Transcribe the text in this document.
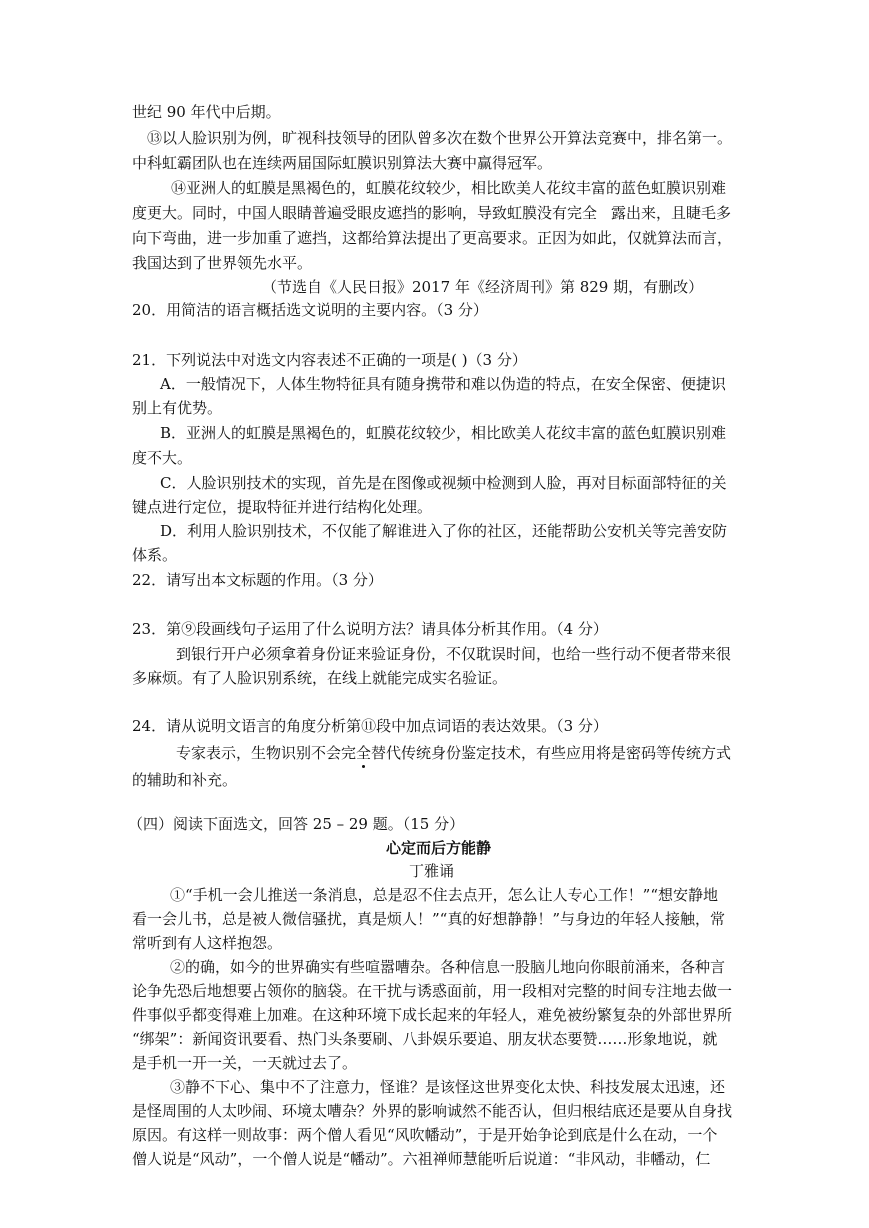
世纪 90 年代中后期。
⑬以人脸识别为例，旷视科技领导的团队曾多次在数个世界公开算法竞赛中，排名第一。
中科虹霸团队也在连续两届国际虹膜识别算法大赛中赢得冠军。
⑭亚洲人的虹膜是黑褐色的，虹膜花纹较少，相比欧美人花纹丰富的蓝色虹膜识别难
度更大。同时，中国人眼睛普遍受眼皮遮挡的影响，导致虹膜没有完全 露出来，且睫毛多
向下弯曲，进一步加重了遮挡，这都给算法提出了更高要求。正因为如此，仅就算法而言，
我国达到了世界领先水平。
（节选自《人民日报》2017 年《经济周刊》第 829 期，有删改）
20．用简洁的语言概括选文说明的主要内容。（3 分）
21．下列说法中对选文内容表述不正确的一项是( )（3 分）
A．一般情况下，人体生物特征具有随身携带和难以伪造的特点，在安全保密、便捷识
别上有优势。
B．亚洲人的虹膜是黑褐色的，虹膜花纹较少，相比欧美人花纹丰富的蓝色虹膜识别难
度不大。
C．人脸识别技术的实现，首先是在图像或视频中检测到人脸，再对目标面部特征的关
键点进行定位，提取特征并进行结构化处理。
D．利用人脸识别技术，不仅能了解谁进入了你的社区，还能帮助公安机关等完善安防
体系。
22．请写出本文标题的作用。（3 分）
23．第⑨段画线句子运用了什么说明方法？请具体分析其作用。（4 分）
到银行开户必须拿着身份证来验证身份，不仅耽误时间，也给一些行动不便者带来很
多麻烦。有了人脸识别系统，在线上就能完成实名验证。
24．请从说明文语言的角度分析第⑪段中加点词语的表达效果。（3 分）
专家表示，生物识别不会完全替代传统身份鉴定技术，有些应用将是密码等传统方式
的辅助和补充。
（四）阅读下面选文，回答 25 – 29 题。（15 分）
心定而后方能静
丁雅诵
①“手机一会儿推送一条消息，总是忍不住去点开，怎么让人专心工作！”“想安静地
看一会儿书，总是被人微信骚扰，真是烦人！”“真的好想静静！”与身边的年轻人接触，常
常听到有人这样抱怨。
②的确，如今的世界确实有些喧嚣嘈杂。各种信息一股脑儿地向你眼前涌来，各种言
论争先恐后地想要占领你的脑袋。在干扰与诱惑面前，用一段相对完整的时间专注地去做一
件事似乎都变得难上加难。在这种环境下成长起来的年轻人，难免被纷繁复杂的外部世界所
“绑架”：新闻资讯要看、热门头条要刷、八卦娱乐要追、朋友状态要赞……形象地说，就
是手机一开一关，一天就过去了。
③静不下心、集中不了注意力，怪谁？是该怪这世界变化太快、科技发展太迅速，还
是怪周围的人太吵闹、环境太嘈杂？外界的影响诚然不能否认，但归根结底还是要从自身找
原因。有这样一则故事：两个僧人看见“风吹幡动”，于是开始争论到底是什么在动，一个
僧人说是“风动”，一个僧人说是“幡动”。六祖禅师慧能听后说道：“非风动，非幡动，仁
